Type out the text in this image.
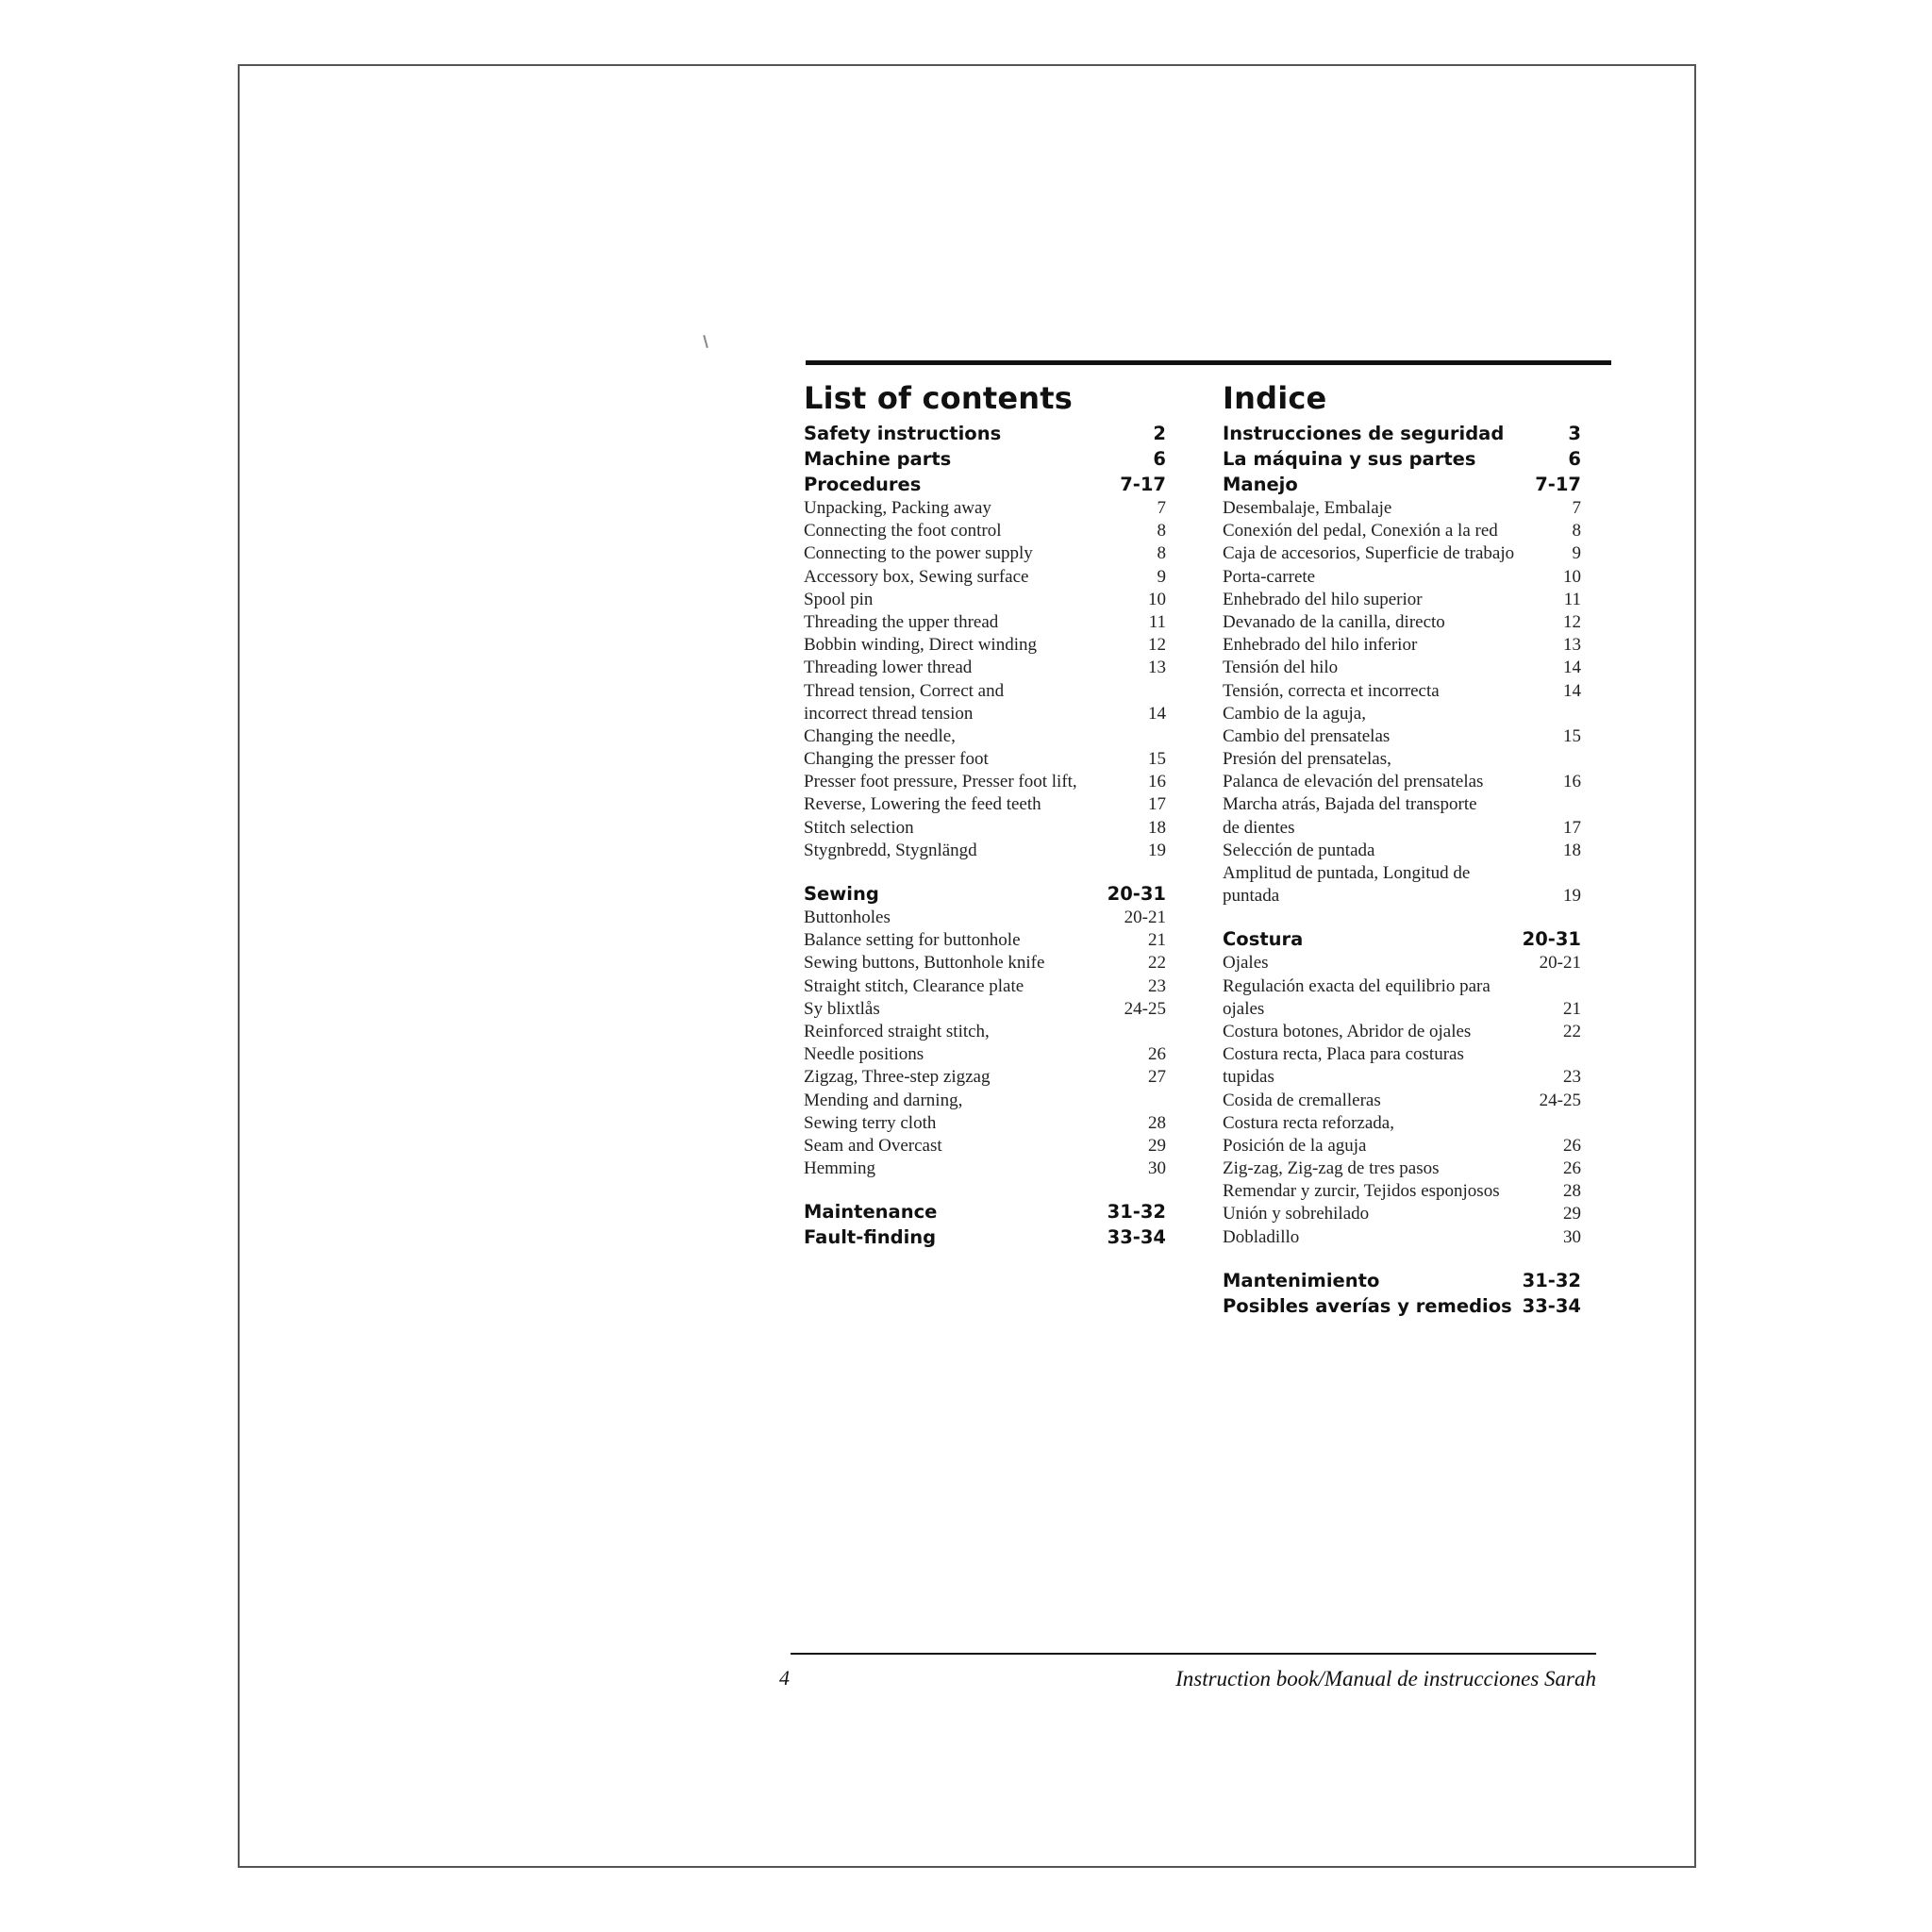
List of contents
Safety instructions	2
Machine parts	6
Procedures	7-17
Unpacking, Packing away	7
Connecting the foot control	8
Connecting to the power supply	8
Accessory box, Sewing surface	9
Spool pin	10
Threading the upper thread	11
Bobbin winding, Direct winding	12
Threading lower thread	13
Thread tension, Correct and
incorrect thread tension	14
Changing the needle,
Changing the presser foot	15
Presser foot pressure, Presser foot lift,	16
Reverse, Lowering the feed teeth	17
Stitch selection	18
Stygnbredd, Stygnlängd	19
Sewing	20-31
Buttonholes	20-21
Balance setting for buttonhole	21
Sewing buttons, Buttonhole knife	22
Straight stitch, Clearance plate	23
Sy blixtlås	24-25
Reinforced straight stitch,
Needle positions	26
Zigzag, Three-step zigzag	27
Mending and darning,
Sewing terry cloth	28
Seam and Overcast	29
Hemming	30
Maintenance	31-32
Fault-finding	33-34
Indice
Instrucciones de seguridad	3
La máquina y sus partes	6
Manejo	7-17
Desembalaje, Embalaje	7
Conexión del pedal, Conexión a la red	8
Caja de accesorios, Superficie de trabajo	9
Porta-carrete	10
Enhebrado del hilo superior	11
Devanado de la canilla, directo	12
Enhebrado del hilo inferior	13
Tensión del hilo	14
Tensión, correcta et incorrecta	14
Cambio de la aguja,
Cambio del prensatelas	15
Presión del prensatelas,
Palanca de elevación del prensatelas	16
Marcha atrás, Bajada del transporte
de dientes	17
Selección de puntada	18
Amplitud de puntada, Longitud de
puntada	19
Costura	20-31
Ojales	20-21
Regulación exacta del equilibrio para
ojales	21
Costura botones, Abridor de ojales	22
Costura recta, Placa para costuras
tupidas	23
Cosida de cremalleras	24-25
Costura recta reforzada,
Posición de la aguja	26
Zig-zag, Zig-zag de tres pasos	26
Remendar y zurcir, Tejidos esponjosos	28
Unión y sobrehilado	29
Dobladillo	30
Mantenimiento	31-32
Posibles averías y remedios 33-34
4	Instruction book/Manual de instrucciones Sarah
